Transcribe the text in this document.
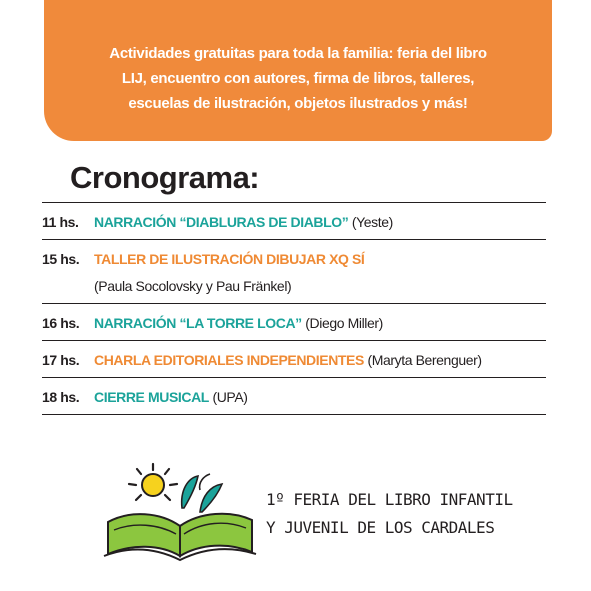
Actividades gratuitas para toda la familia: feria del libro
LIJ, encuentro con autores, firma de libros, talleres,
escuelas de ilustración, objetos ilustrados y más!
Cronograma:
11 hs. NARRACIÓN “DIABLURAS DE DIABLO” (Yeste)
15 hs. TALLER DE ILUSTRACIÓN DIBUJAR XQ SÍ
(Paula Socolovsky y Pau Fränkel)
16 hs. NARRACIÓN “LA TORRE LOCA” (Diego Miller)
17 hs. CHARLA EDITORIALES INDEPENDIENTES (Maryta Berenguer)
18 hs. CIERRE MUSICAL (UPA)
1º FERIA DEL LIBRO INFANTIL
Y JUVENIL DE LOS CARDALES
